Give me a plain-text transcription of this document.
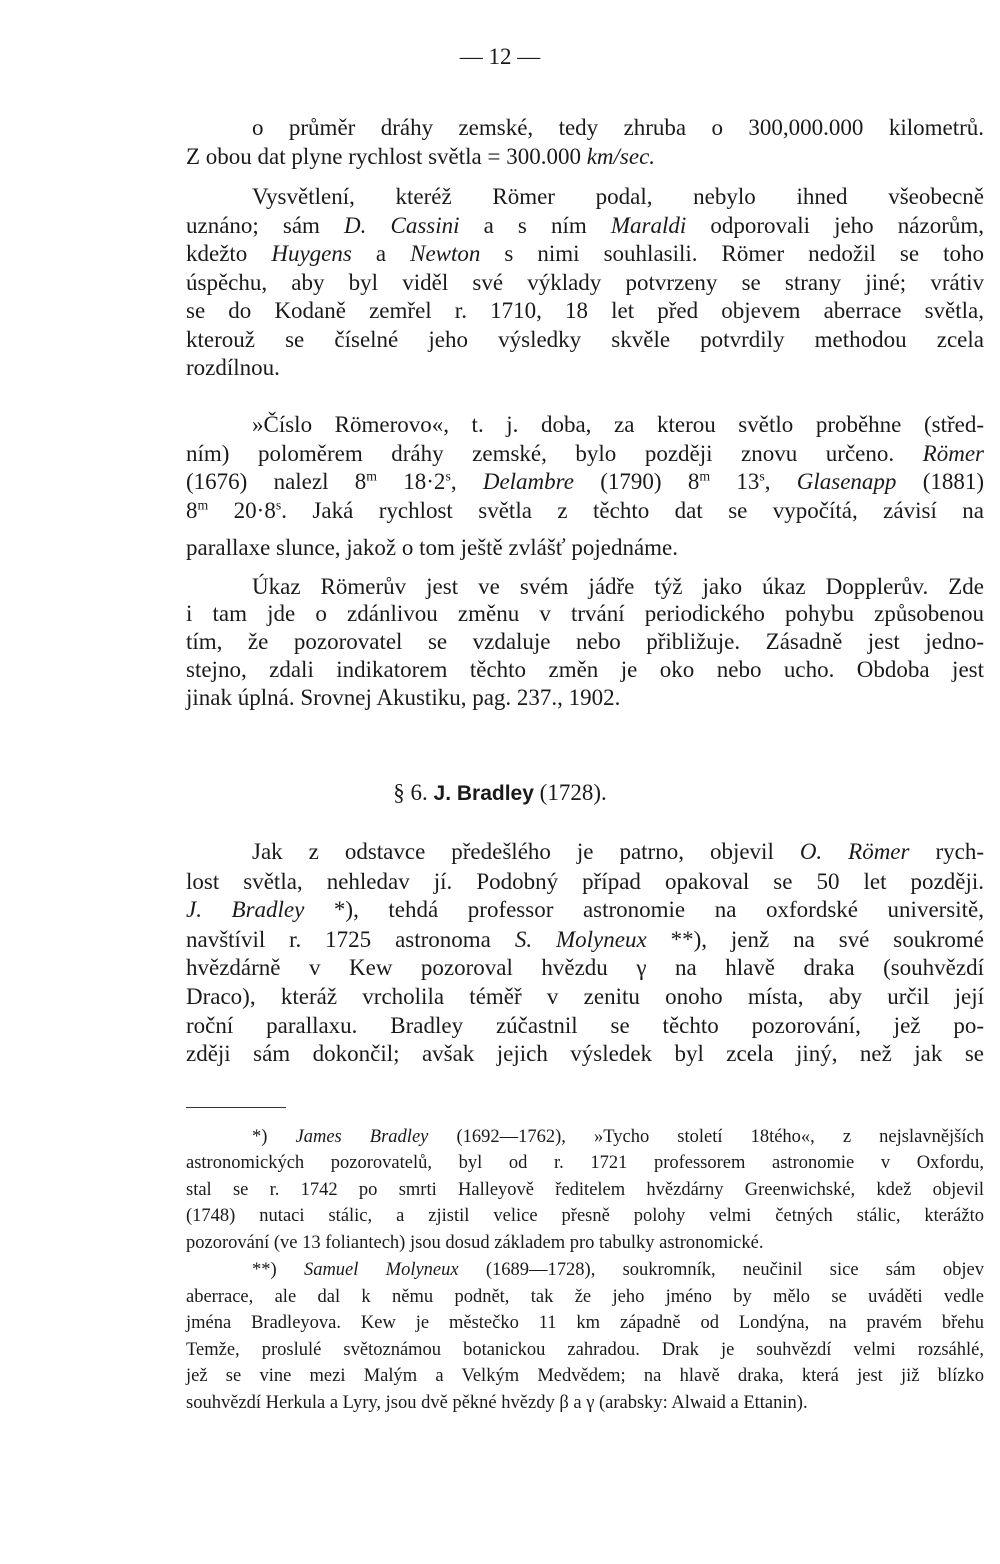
— 12 —
o průměr dráhy zemské, tedy zhruba o 300,000.000 kilometrů.
Z obou dat plyne rychlost světla = 300.000 km/sec.
Vysvětlení, kteréž Römer podal, nebylo ihned všeobecně
uznáno; sám D. Cassini a s ním Maraldi odporovali jeho názorům,
kdežto Huygens a Newton s nimi souhlasili. Römer nedožil se toho
úspěchu, aby byl viděl své výklady potvrzeny se strany jiné; vrátiv
se do Kodaně zemřel r. 1710, 18 let před objevem aberrace světla,
kterouž se číselné jeho výsledky skvěle potvrdily methodou zcela
rozdílnou.
»Číslo Römerovo«, t. j. doba, za kterou světlo proběhne (střed-
ním) poloměrem dráhy zemské, bylo později znovu určeno. Römer
(1676) nalezl 8$^m$ $18\cdot 2^s$, Delambre (1790) 8$^m$ 13$^s$, Glasenapp (1881)
8$^m$ $20\cdot 8^s$. Jaká rychlost světla z těchto dat se vypočítá, závisí na
parallaxe slunce, jakož o tom ještě zvlášť pojednáme.
Úkaz Römerův jest ve svém jádře týž jako úkaz Dopplerův. Zde
i tam jde o zdánlivou změnu v trvání periodického pohybu způsobenou
tím, že pozorovatel se vzdaluje nebo přibližuje. Zásadně jest jedno-
stejno, zdali indikatorem těchto změn je oko nebo ucho. Obdoba jest
jinak úplná. Srovnej Akustiku, pag. 237., 1902.
Jak z odstavce předešlého je patrno, objevil O. Römer rych-
lost světla, nehledav jí. Podobný případ opakoval se 50 let později.
J. Bradley *), tehdá professor astronomie na oxfordské universitě,
navštívil r. 1725 astronoma S. Molyneux **), jenž na své soukromé
hvězdárně v Kew pozoroval hvězdu γ na hlavě draka (souhvězdí
Draco), kteráž vrcholila téměř v zenitu onoho místa, aby určil její
roční parallaxu. Bradley zúčastnil se těchto pozorování, jež po-
zději sám dokončil; avšak jejich výsledek byl zcela jiný, než jak se
*) James Bradley (1692—1762), »Tycho století 18tého«, z nejslavnějších
astronomických pozorovatelů, byl od r. 1721 professorem astronomie v Oxfordu,
stal se r. 1742 po smrti Halleyově ředitelem hvězdárny Greenwichské, kdež objevil
(1748) nutaci stálic, a zjistil velice přesně polohy velmi četných stálic, kterážto
pozorování (ve 13 foliantech) jsou dosud základem pro tabulky astronomické.
**) Samuel Molyneux (1689—1728), soukromník, neučinil sice sám objev
aberrace, ale dal k němu podnět, tak že jeho jméno by mělo se uváděti vedle
jména Bradleyova. Kew je městečko 11 km západně od Londýna, na pravém břehu
Temže, proslulé světoznámou botanickou zahradou. Drak je souhvězdí velmi rozsáhlé,
jež se vine mezi Malým a Velkým Medvědem; na hlavě draka, která jest již blízko
souhvězdí Herkula a Lyry, jsou dvě pěkné hvězdy β a γ (arabsky: Alwaid a Ettanin).
§ 6. J. Bradley (1728).
